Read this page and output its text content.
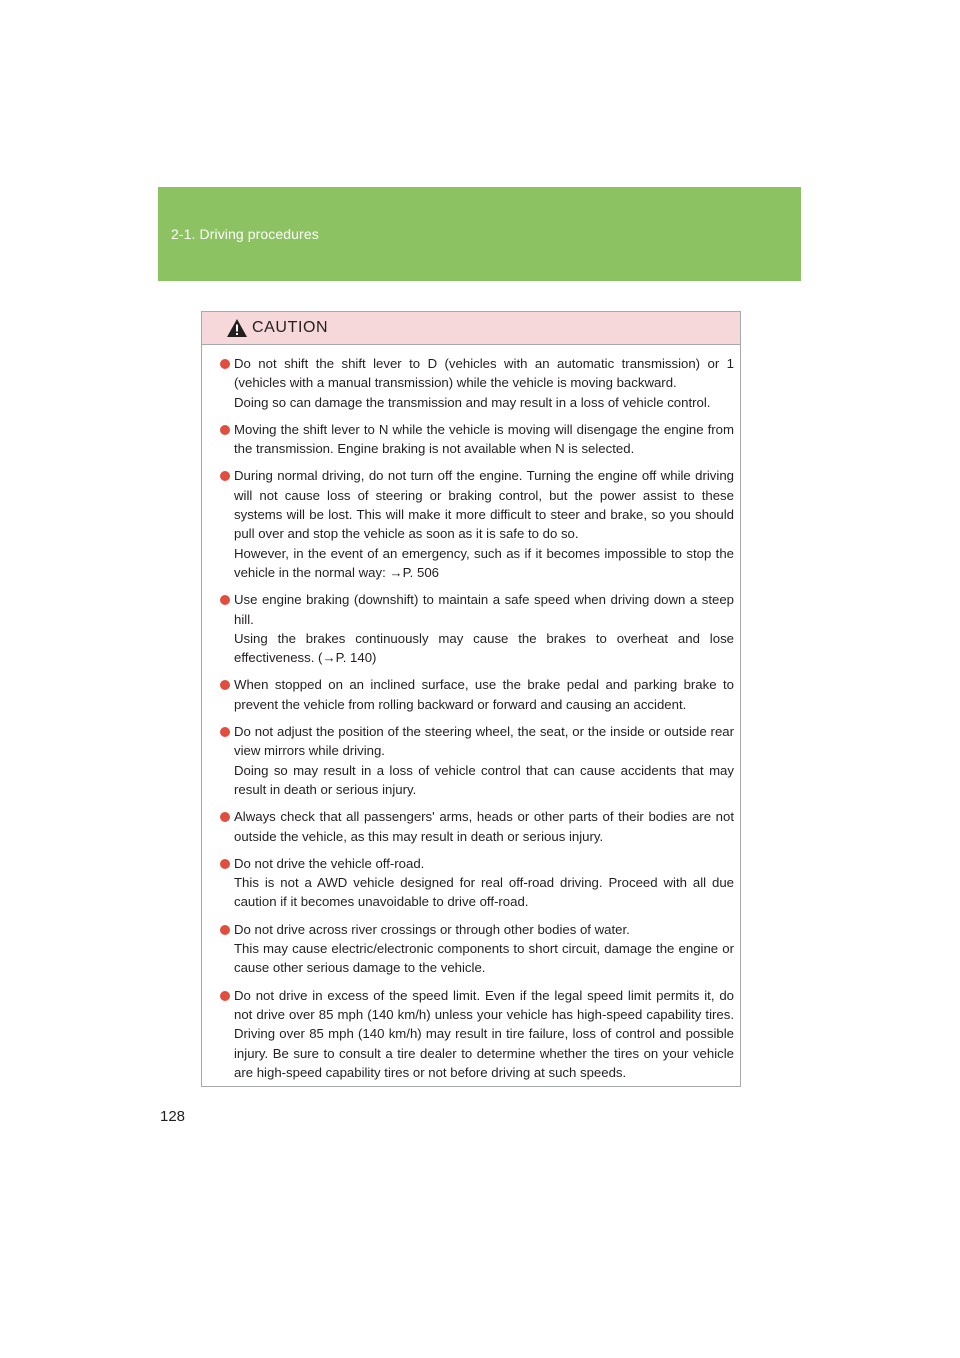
2-1. Driving procedures
CAUTION
Do not shift the shift lever to D (vehicles with an automatic transmission) or 1 (vehicles with a manual transmission) while the vehicle is moving backward.
Doing so can damage the transmission and may result in a loss of vehicle control.
Moving the shift lever to N while the vehicle is moving will disengage the engine from the transmission. Engine braking is not available when N is selected.
During normal driving, do not turn off the engine. Turning the engine off while driving will not cause loss of steering or braking control, but the power assist to these systems will be lost. This will make it more difficult to steer and brake, so you should pull over and stop the vehicle as soon as it is safe to do so.
However, in the event of an emergency, such as if it becomes impossible to stop the vehicle in the normal way: →P. 506
Use engine braking (downshift) to maintain a safe speed when driving down a steep hill.
Using the brakes continuously may cause the brakes to overheat and lose effectiveness. (→P. 140)
When stopped on an inclined surface, use the brake pedal and parking brake to prevent the vehicle from rolling backward or forward and causing an accident.
Do not adjust the position of the steering wheel, the seat, or the inside or outside rear view mirrors while driving.
Doing so may result in a loss of vehicle control that can cause accidents that may result in death or serious injury.
Always check that all passengers' arms, heads or other parts of their bodies are not outside the vehicle, as this may result in death or serious injury.
Do not drive the vehicle off-road.
This is not a AWD vehicle designed for real off-road driving. Proceed with all due caution if it becomes unavoidable to drive off-road.
Do not drive across river crossings or through other bodies of water.
This may cause electric/electronic components to short circuit, damage the engine or cause other serious damage to the vehicle.
Do not drive in excess of the speed limit. Even if the legal speed limit permits it, do not drive over 85 mph (140 km/h) unless your vehicle has high-speed capability tires. Driving over 85 mph (140 km/h) may result in tire failure, loss of control and possible injury. Be sure to consult a tire dealer to determine whether the tires on your vehicle are high-speed capability tires or not before driving at such speeds.
128
